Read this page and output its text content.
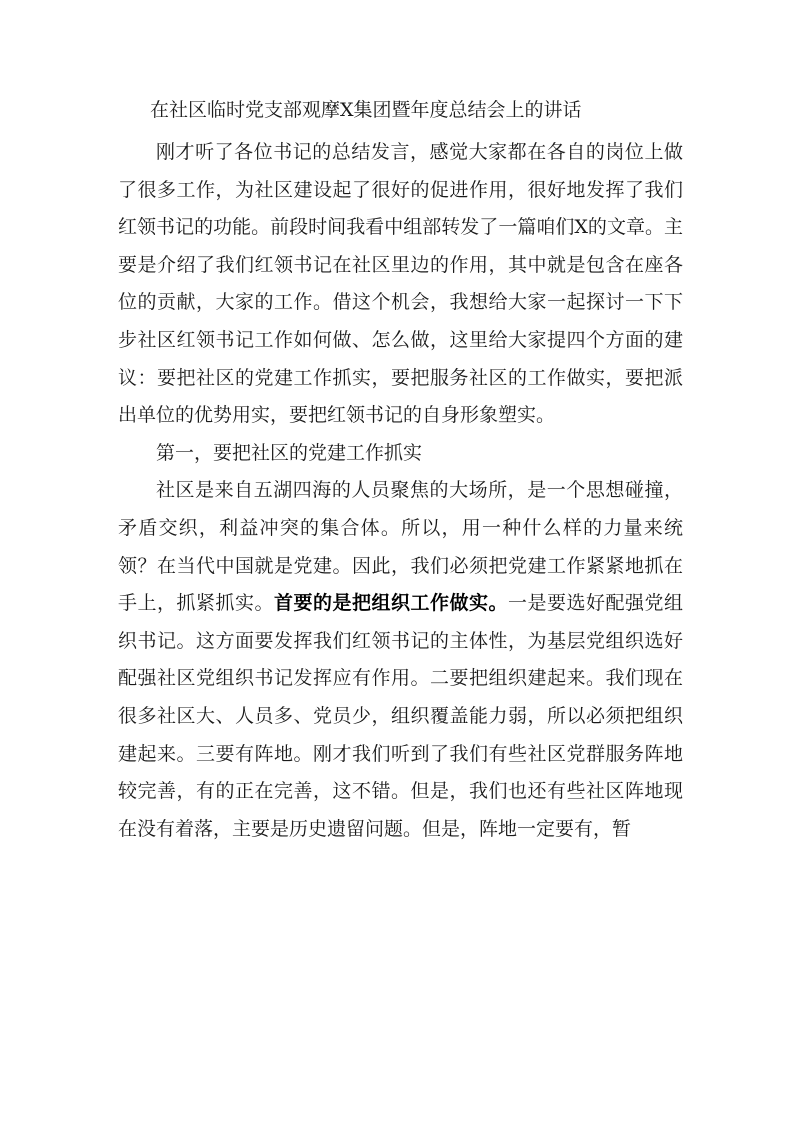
在社区临时党支部观摩X集团暨年度总结会上的讲话

刚才听了各位书记的总结发言，感觉大家都在各自的岗位上做了很多工作，为社区建设起了很好的促进作用，很好地发挥了我们红领书记的功能。前段时间我看中组部转发了一篇咱们X的文章。主要是介绍了我们红领书记在社区里边的作用，其中就是包含在座各位的贡献，大家的工作。借这个机会，我想给大家一起探讨一下下步社区红领书记工作如何做、怎么做，这里给大家提四个方面的建议：要把社区的党建工作抓实，要把服务社区的工作做实，要把派出单位的优势用实，要把红领书记的自身形象塑实。

第一，要把社区的党建工作抓实

社区是来自五湖四海的人员聚焦的大场所，是一个思想碰撞，矛盾交织，利益冲突的集合体。所以，用一种什么样的力量来统领？在当代中国就是党建。因此，我们必须把党建工作紧紧地抓在手上，抓紧抓实。首要的是把组织工作做实。一是要选好配强党组织书记。这方面要发挥我们红领书记的主体性，为基层党组织选好配强社区党组织书记发挥应有作用。二要把组织建起来。我们现在很多社区大、人员多、党员少，组织覆盖能力弱，所以必须把组织建起来。三要有阵地。刚才我们听到了我们有些社区党群服务阵地较完善，有的正在完善，这不错。但是，我们也还有些社区阵地现在没有着落，主要是历史遗留问题。但是，阵地一定要有，暂
